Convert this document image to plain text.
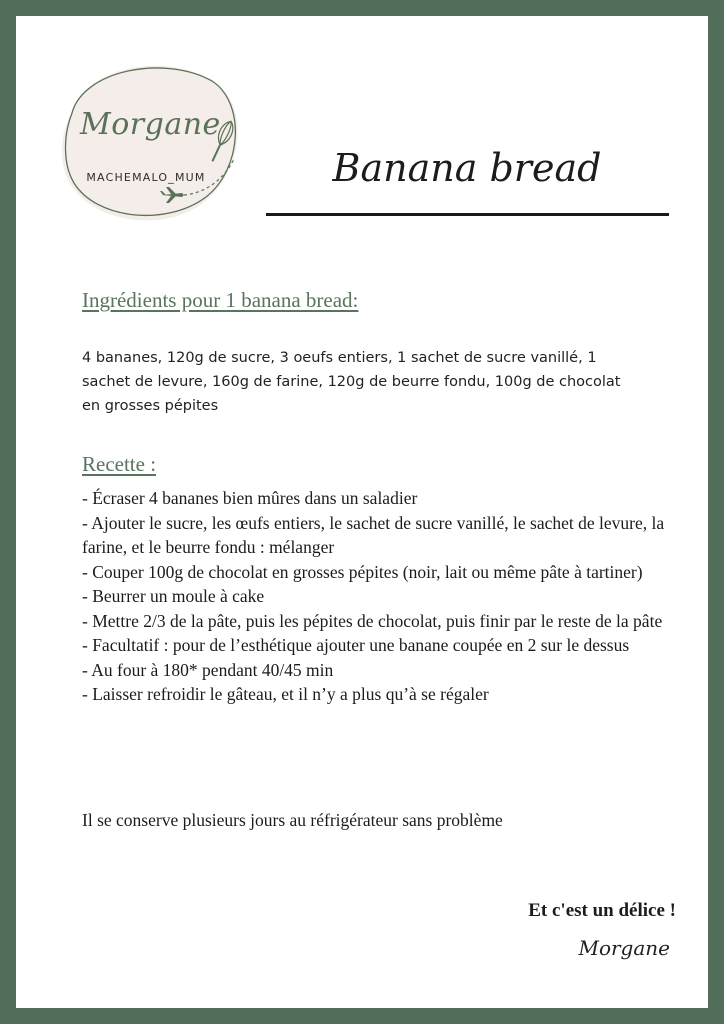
Morgane
MACHEMALO_MUM	Banana bread
Ingrédients pour 1 banana bread:

4 bananes, 120g de sucre, 3 oeufs entiers, 1 sachet de sucre vanillé, 1 sachet de levure, 160g de farine, 120g de beurre fondu, 100g de chocolat en grosses pépites

Recette :
- Écraser 4 bananes bien mûres dans un saladier
- Ajouter le sucre, les œufs entiers, le sachet de sucre vanillé, le sachet de levure, la farine, et le beurre fondu : mélanger
- Couper 100g de chocolat en grosses pépites (noir, lait ou même pâte à tartiner)
- Beurrer un moule à cake
- Mettre 2/3 de la pâte, puis les pépites de chocolat, puis finir par le reste de la pâte
- Facultatif : pour de l’esthétique ajouter une banane coupée en 2 sur le dessus
- Au four à 180* pendant 40/45 min
- Laisser refroidir le gâteau, et il n’y a plus qu’à se régaler
Il se conserve plusieurs jours au réfrigérateur sans problème
Et c'est un délice !
Morgane
